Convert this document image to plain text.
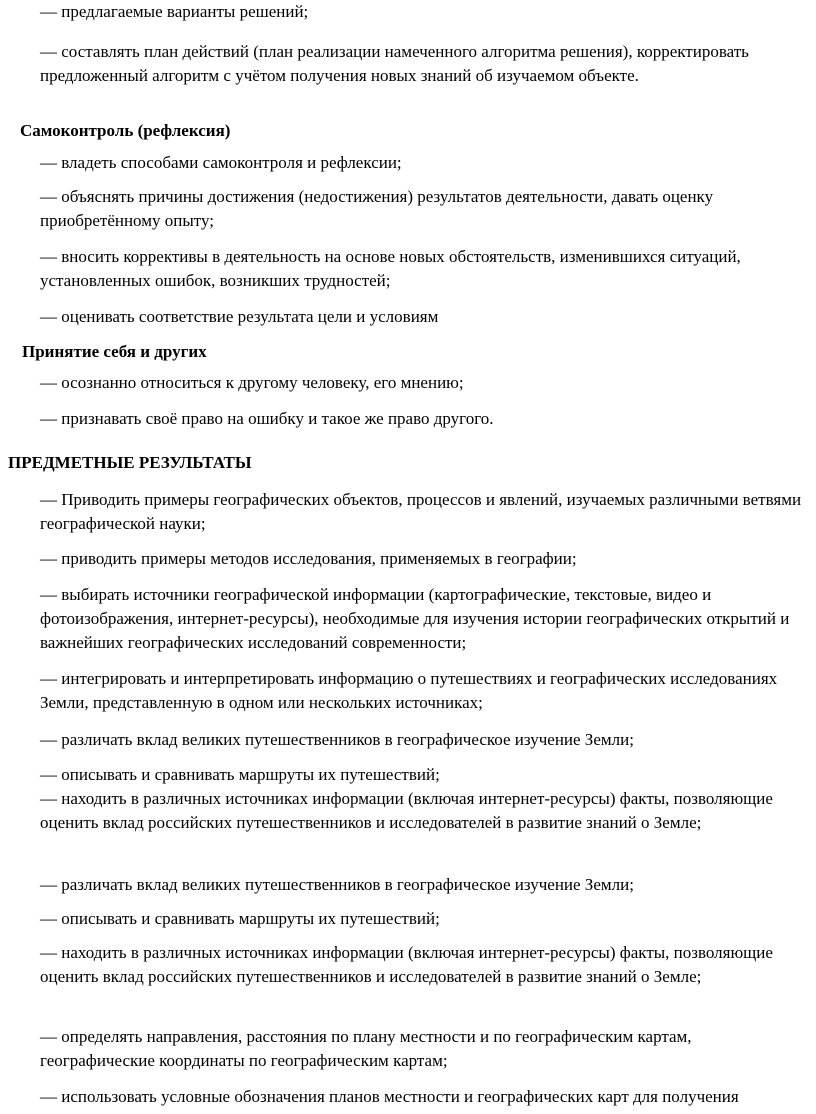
— предлагаемые варианты решений;
— составлять план действий (план реализации намеченного алгоритма решения), корректировать предложенный алгоритм с учётом получения новых знаний об изучаемом объекте.
Самоконтроль (рефлексия)
— владеть способами самоконтроля и рефлексии;
— объяснять причины достижения (недостижения) результатов деятельности, давать оценку приобретённому опыту;
— вносить коррективы в деятельность на основе новых обстоятельств, изменившихся ситуаций, установленных ошибок, возникших трудностей;
— оценивать соответствие результата цели и условиям
Принятие себя и других
— осознанно относиться к другому человеку, его мнению;
— признавать своё право на ошибку и такое же право другого.
ПРЕДМЕТНЫЕ РЕЗУЛЬТАТЫ
— Приводить примеры географических объектов, процессов и явлений, изучаемых различными ветвями географической науки;
— приводить примеры методов исследования, применяемых в географии;
— выбирать источники географической информации (картографические, текстовые, видео и фотоизображения, интернет-ресурсы), необходимые для изучения истории географических открытий и важнейших географических исследований современности;
— интегрировать и интерпретировать информацию о путешествиях и географических исследованиях Земли, представленную в одном или нескольких источниках;
— различать вклад великих путешественников в географическое изучение Земли;
— описывать и сравнивать маршруты их путешествий;
— находить в различных источниках информации (включая интернет-ресурсы) факты, позволяющие оценить вклад российских путешественников и исследователей в развитие знаний о Земле;
— различать вклад великих путешественников в географическое изучение Земли;
— описывать и сравнивать маршруты их путешествий;
— находить в различных источниках информации (включая интернет-ресурсы) факты, позволяющие оценить вклад российских путешественников и исследователей в развитие знаний о Земле;
— определять направления, расстояния по плану местности и по географическим картам, географические координаты по географическим картам;
— использовать условные обозначения планов местности и географических карт для получения
